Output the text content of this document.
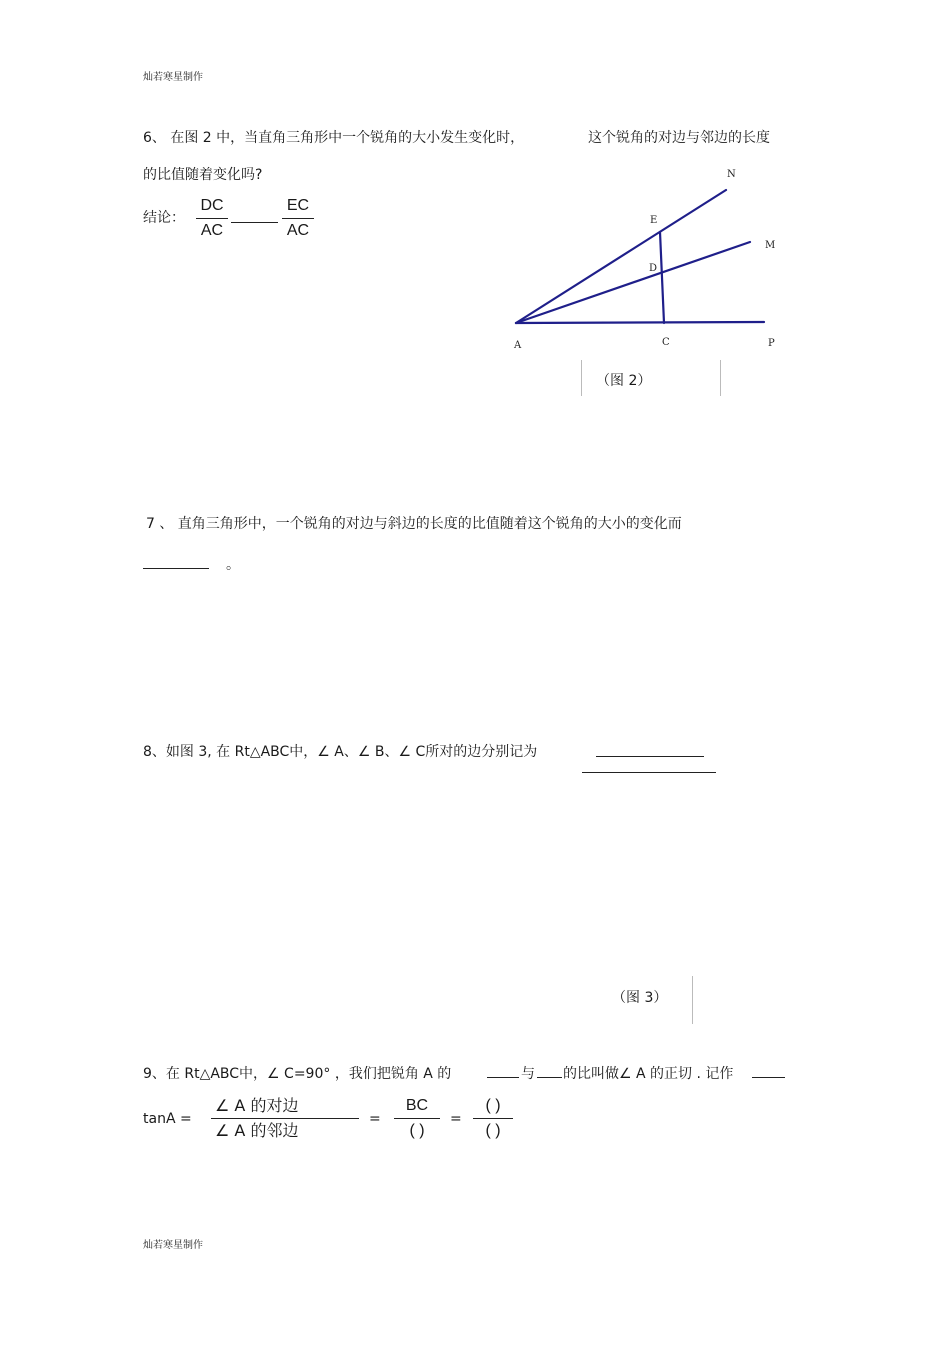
灿若寒星制作
6、 在图 2 中，当直角三角形中一个锐角的大小发生变化时，	这个锐角的对边与邻边的长度
的比值随着变化吗?
结论：
DC
AC
EC
AC
A	C	P
D
E
M
N
（图 2）
7 、 直角三角形中，一个锐角的对边与斜边的长度的比值随着这个锐角的大小的变化而
。
8、如图 3, 在 Rt△ABC中，∠ A、∠ B、∠ C所对的边分别记为
（图 3）
9、在 Rt△ABC中，∠ C=90° ，我们把锐角 A 的	与 的比叫做∠ A 的正切 . 记作
tanA =
∠ A 的对边
∠ A 的邻边
=
BC
( )
=
( )
( )
灿若寒星制作
